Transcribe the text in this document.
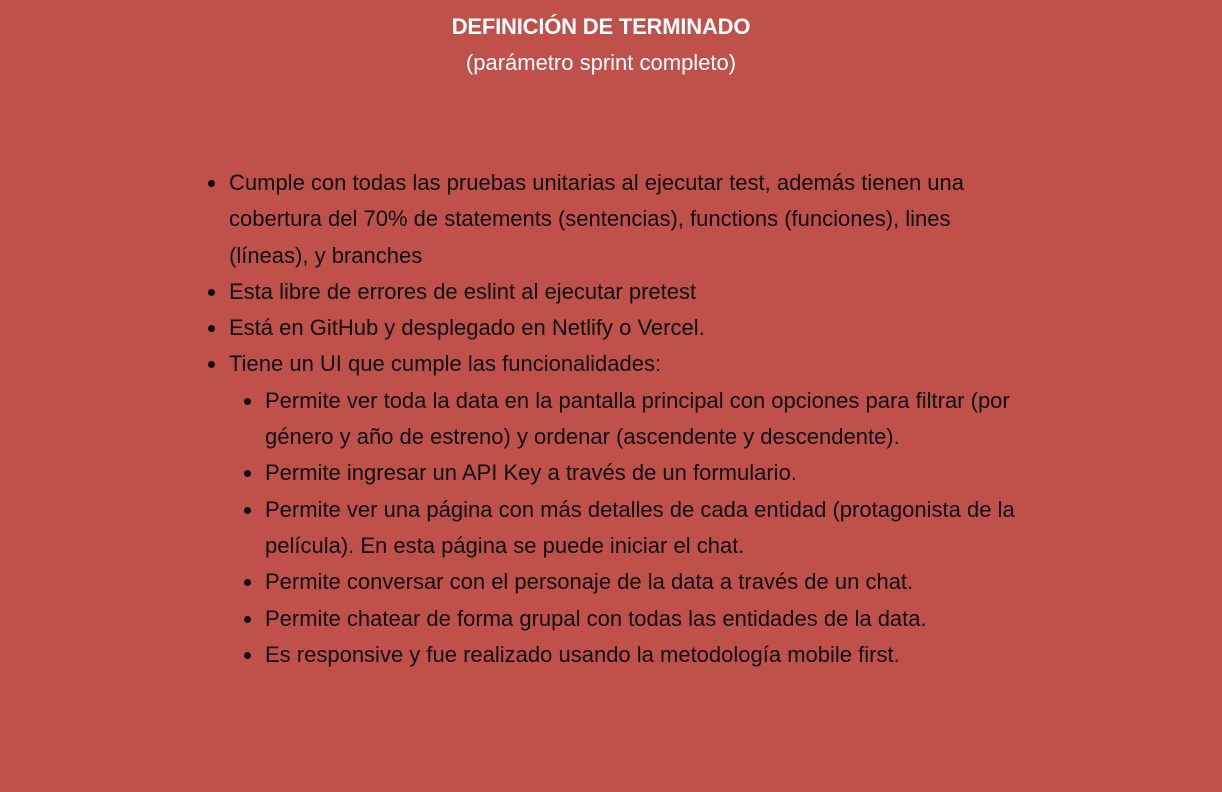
DEFINICIÓN DE TERMINADO
(parámetro sprint completo)
Cumple con todas las pruebas unitarias al ejecutar test, además tienen una cobertura del 70% de statements (sentencias), functions (funciones), lines (líneas), y branches
Esta libre de errores de eslint al ejecutar pretest
Está en GitHub y desplegado en Netlify o Vercel.
Tiene un UI que cumple las funcionalidades:
Permite ver toda la data en la pantalla principal con opciones para filtrar (por género y año de estreno) y ordenar (ascendente y descendente).
Permite ingresar un API Key a través de un formulario.
Permite ver una página con más detalles de cada entidad (protagonista de la película). En esta página se puede iniciar el chat.
Permite conversar con el personaje de la data a través de un chat.
Permite chatear de forma grupal con todas las entidades de la data.
Es responsive y fue realizado usando la metodología mobile first.
